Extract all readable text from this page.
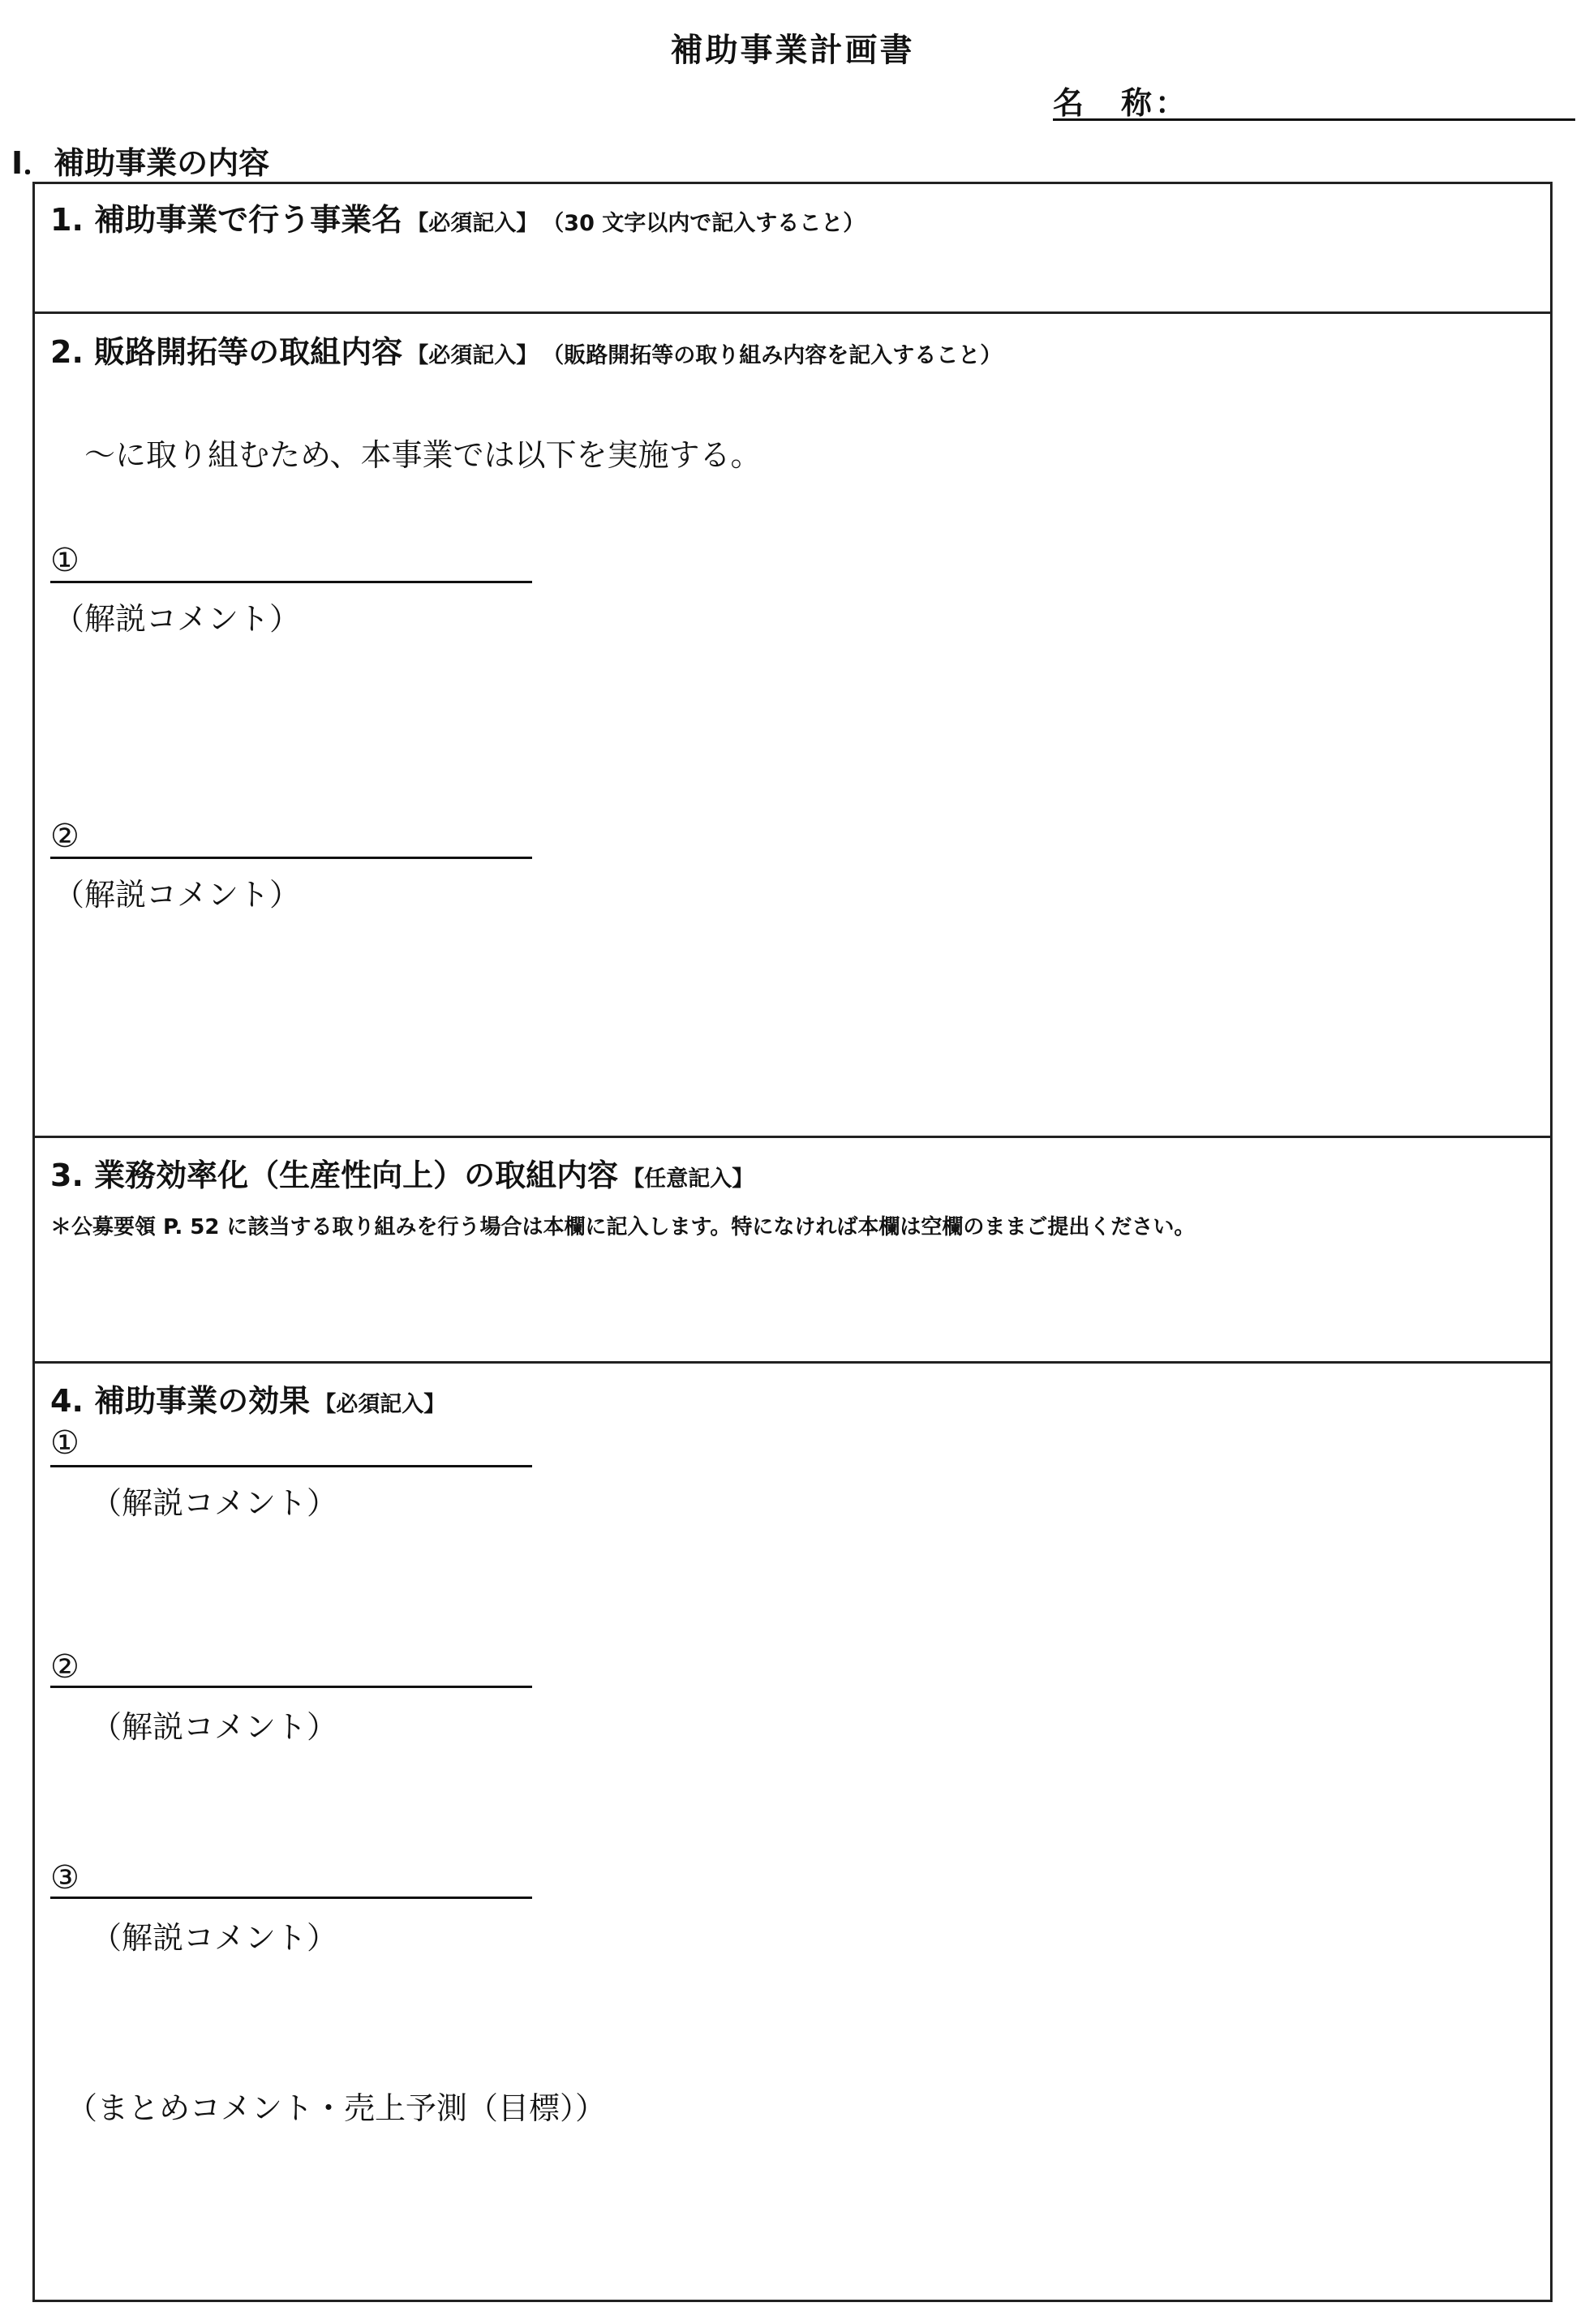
補助事業計画書
名　称：
Ⅰ．補助事業の内容
1. 補助事業で行う事業名 【必須記入】 （30 文字以内で記入すること）
2. 販路開拓等の取組内容 【必須記入】 （販路開拓等の取り組み内容を記入すること）
～に取り組むため、本事業では以下を実施する。
①
（解説コメント）
②
（解説コメント）
3. 業務効率化（生産性向上）の取組内容 【任意記入】
＊公募要領 P. 52 に該当する取り組みを行う場合は本欄に記入します。特になければ本欄は空欄のままご提出ください。
4. 補助事業の効果 【必須記入】
①
（解説コメント）
②
（解説コメント）
③
（解説コメント）
（まとめコメント・売上予測（目標））
